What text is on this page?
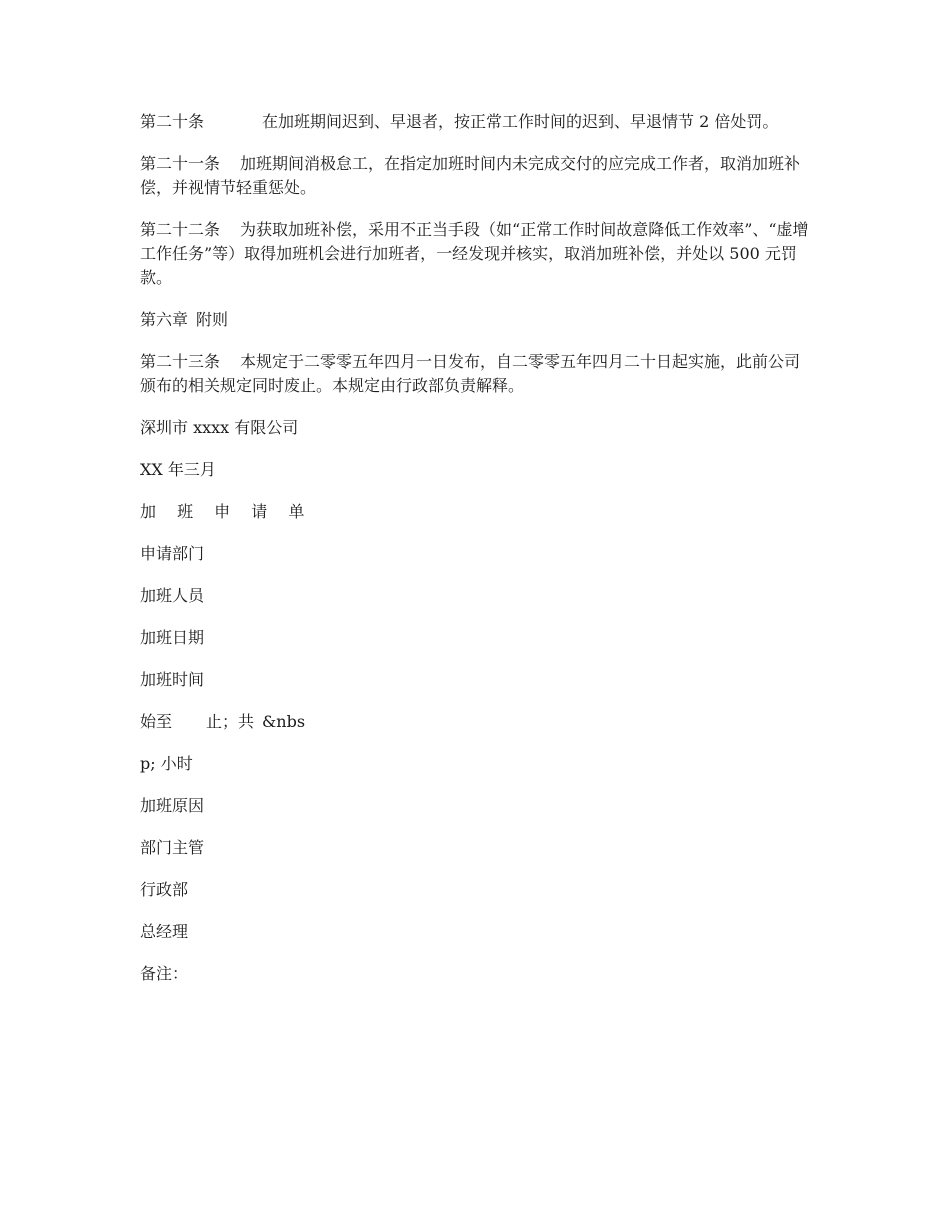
第二十条	在加班期间迟到、早退者，按正常工作时间的迟到、早退情节 2 倍处罚。

第二十一条 加班期间消极怠工，在指定加班时间内未完成交付的应完成工作者，取消加班补偿，并视情节轻重惩处。

第二十二条 为获取加班补偿，采用不正当手段（如“正常工作时间故意降低工作效率”、“虚增工作任务”等）取得加班机会进行加班者，一经发现并核实，取消加班补偿，并处以 500 元罚款。

第六章 附则

第二十三条 本规定于二零零五年四月一日发布，自二零零五年四月二十日起实施，此前公司颁布的相关规定同时废止。本规定由行政部负责解释。

深圳市 xxxx 有限公司

XX 年三月

加 班 申 请 单

申请部门

加班人员

加班日期

加班时间

始至 止；共 &nbs

p; 小时

加班原因

部门主管

行政部

总经理

备注：
